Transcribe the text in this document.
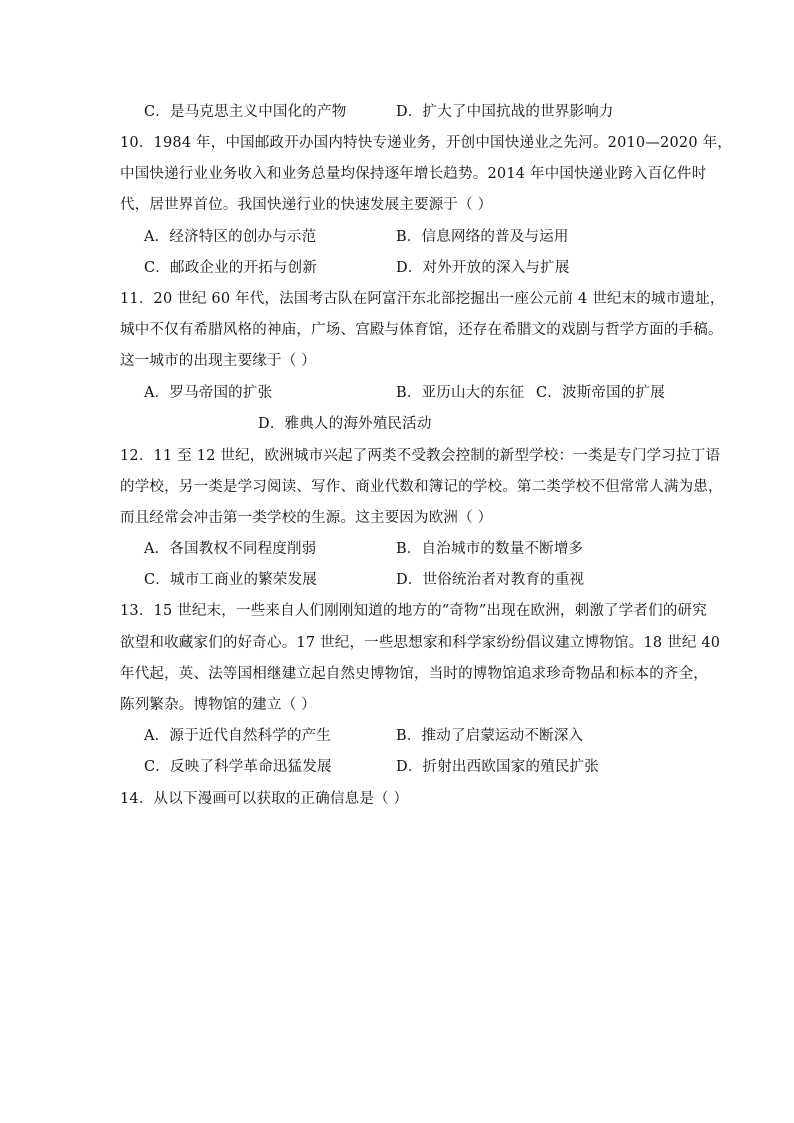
C．是马克思主义中国化的产物	D．扩大了中国抗战的世界影响力
10．1984 年，中国邮政开办国内特快专递业务，开创中国快递业之先河。2010—2020 年，
中国快递行业业务收入和业务总量均保持逐年增长趋势。2014 年中国快递业跨入百亿件时
代，居世界首位。我国快递行业的快速发展主要源于（ ）
A．经济特区的创办与示范	B．信息网络的普及与运用
C．邮政企业的开拓与创新	D．对外开放的深入与扩展
11．20 世纪 60 年代，法国考古队在阿富汗东北部挖掘出一座公元前 4 世纪末的城市遗址，
城中不仅有希腊风格的神庙，广场、宫殿与体育馆，还存在希腊文的戏剧与哲学方面的手稿。
这一城市的出现主要缘于（ ）
A．罗马帝国的扩张	B．亚历山大的东征 C．波斯帝国的扩展
D．雅典人的海外殖民活动
12．11 至 12 世纪，欧洲城市兴起了两类不受教会控制的新型学校：一类是专门学习拉丁语
的学校，另一类是学习阅读、写作、商业代数和簿记的学校。第二类学校不但常常人满为患，
而且经常会冲击第一类学校的生源。这主要因为欧洲（ ）
A．各国教权不同程度削弱	B．自治城市的数量不断增多
C．城市工商业的繁荣发展	D．世俗统治者对教育的重视
13．15 世纪末，一些来自人们刚刚知道的地方的“奇物”出现在欧洲，刺激了学者们的研究
欲望和收藏家们的好奇心。17 世纪，一些思想家和科学家纷纷倡议建立博物馆。18 世纪 40
年代起，英、法等国相继建立起自然史博物馆，当时的博物馆追求珍奇物品和标本的齐全，
陈列繁杂。博物馆的建立（ ）
A．源于近代自然科学的产生	B．推动了启蒙运动不断深入
C．反映了科学革命迅猛发展	D．折射出西欧国家的殖民扩张
14．从以下漫画可以获取的正确信息是（ ）
